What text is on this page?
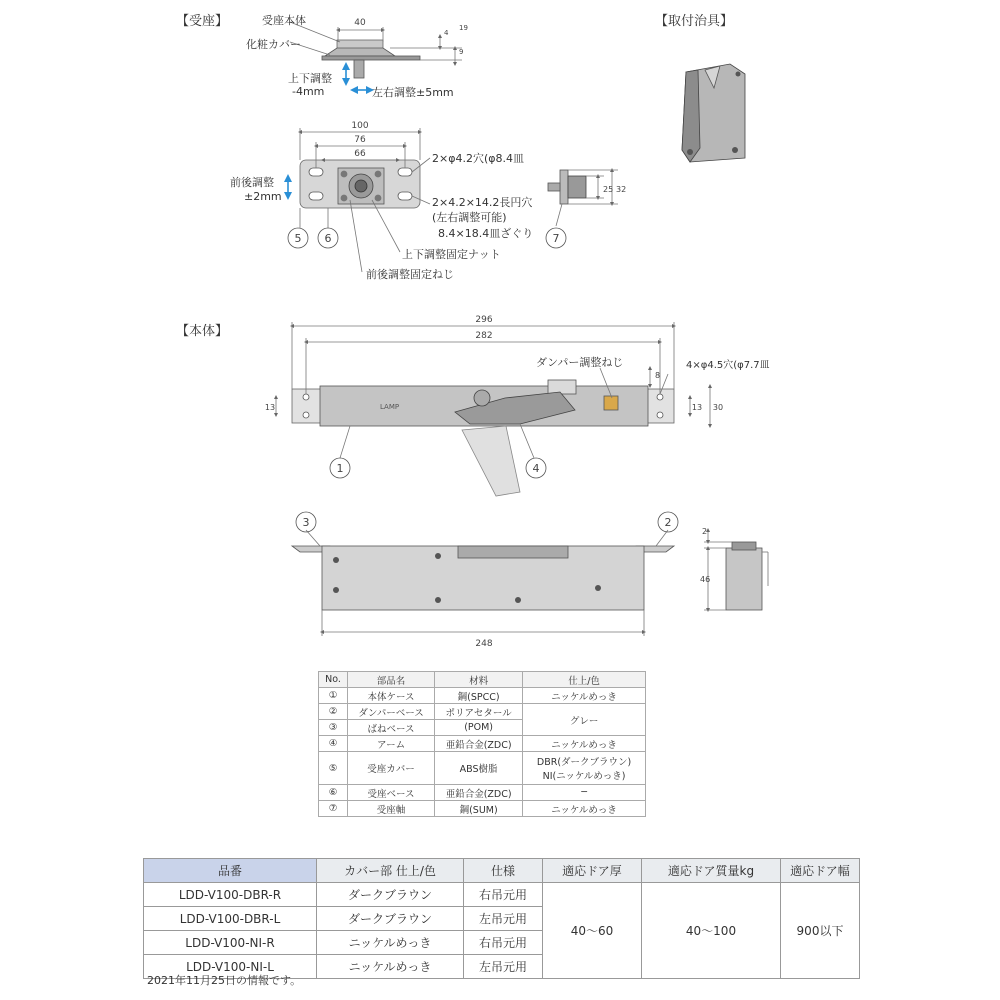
【受座】	【取付治具】
【本体】
40
4
19
9
100
76
66
5 6
25 32
7
296
282
13	13 30
8
LAMP
1	4
248
3	2
2
46
受座本体
化粧カバー
上下調整
-4mm	左右調整±5mm
前後調整
±2mm
2×φ4.2穴(φ8.4皿
2×4.2×14.2長円穴
(左右調整可能)
8.4×18.4皿ざぐり
上下調整固定ナット
前後調整固定ねじ
ダンパー調整ねじ	4×φ4.5穴(φ7.7皿
No.	部品名	材料	仕上/色
①	本体ケース	鋼(SPCC)	ニッケルめっき
②	ダンパーベース	ポリアセタール	グレー
③	ばねベース	(POM)	
④	アーム	亜鉛合金(ZDC)	ニッケルめっき
⑤	受座カバー	ABS樹脂	DBR(ダークブラウン)
NI(ニッケルめっき)

⑥	受座ベース	亜鉛合金(ZDC)	─
⑦	受座軸	鋼(SUM)	ニッケルめっき
品番	カバー部 仕上/色	仕様	適応ドア厚	適応ドア質量kg	適応ドア幅
LDD-V100-DBR-R	ダークブラウン	右吊元用	40～60	40～100	900以下
LDD-V100-DBR-L	ダークブラウン	左吊元用			
LDD-V100-NI-R	ニッケルめっき	右吊元用			
LDD-V100-NI-L	ニッケルめっき	左吊元用			
2021年11月25日の情報です。
